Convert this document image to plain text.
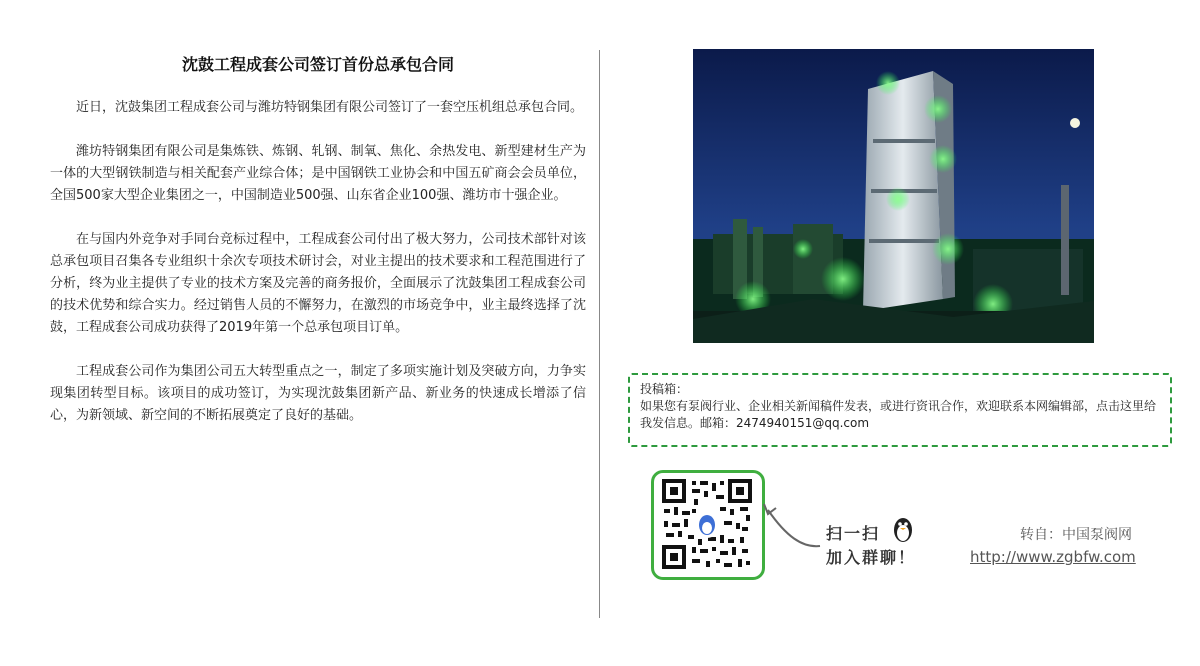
沈鼓工程成套公司签订首份总承包合同

近日，沈鼓集团工程成套公司与潍坊特钢集团有限公司签订了一套空压机组总承包合同。

潍坊特钢集团有限公司是集炼铁、炼钢、轧钢、制氧、焦化、余热发电、新型建材生产为一体的大型钢铁制造与相关配套产业综合体；是中国钢铁工业协会和中国五矿商会会员单位，全国500家大型企业集团之一，中国制造业500强、山东省企业100强、潍坊市十强企业。

在与国内外竞争对手同台竞标过程中，工程成套公司付出了极大努力，公司技术部针对该总承包项目召集各专业组织十余次专项技术研讨会，对业主提出的技术要求和工程范围进行了分析，终为业主提供了专业的技术方案及完善的商务报价，全面展示了沈鼓集团工程成套公司的技术优势和综合实力。经过销售人员的不懈努力，在激烈的市场竞争中，业主最终选择了沈鼓，工程成套公司成功获得了2019年第一个总承包项目订单。

工程成套公司作为集团公司五大转型重点之一，制定了多项实施计划及突破方向，力争实现集团转型目标。该项目的成功签订，为实现沈鼓集团新产品、新业务的快速成长增添了信心，为新领域、新空间的不断拓展奠定了良好的基础。

投稿箱：
如果您有泵阀行业、企业相关新闻稿件发表，或进行资讯合作，欢迎联系本网编辑部，点击这里给我发信息。邮箱：2474940151@qq.com
扫一扫
加入群聊！
转自：中国泵阀网
http://www.zgbfw.com
